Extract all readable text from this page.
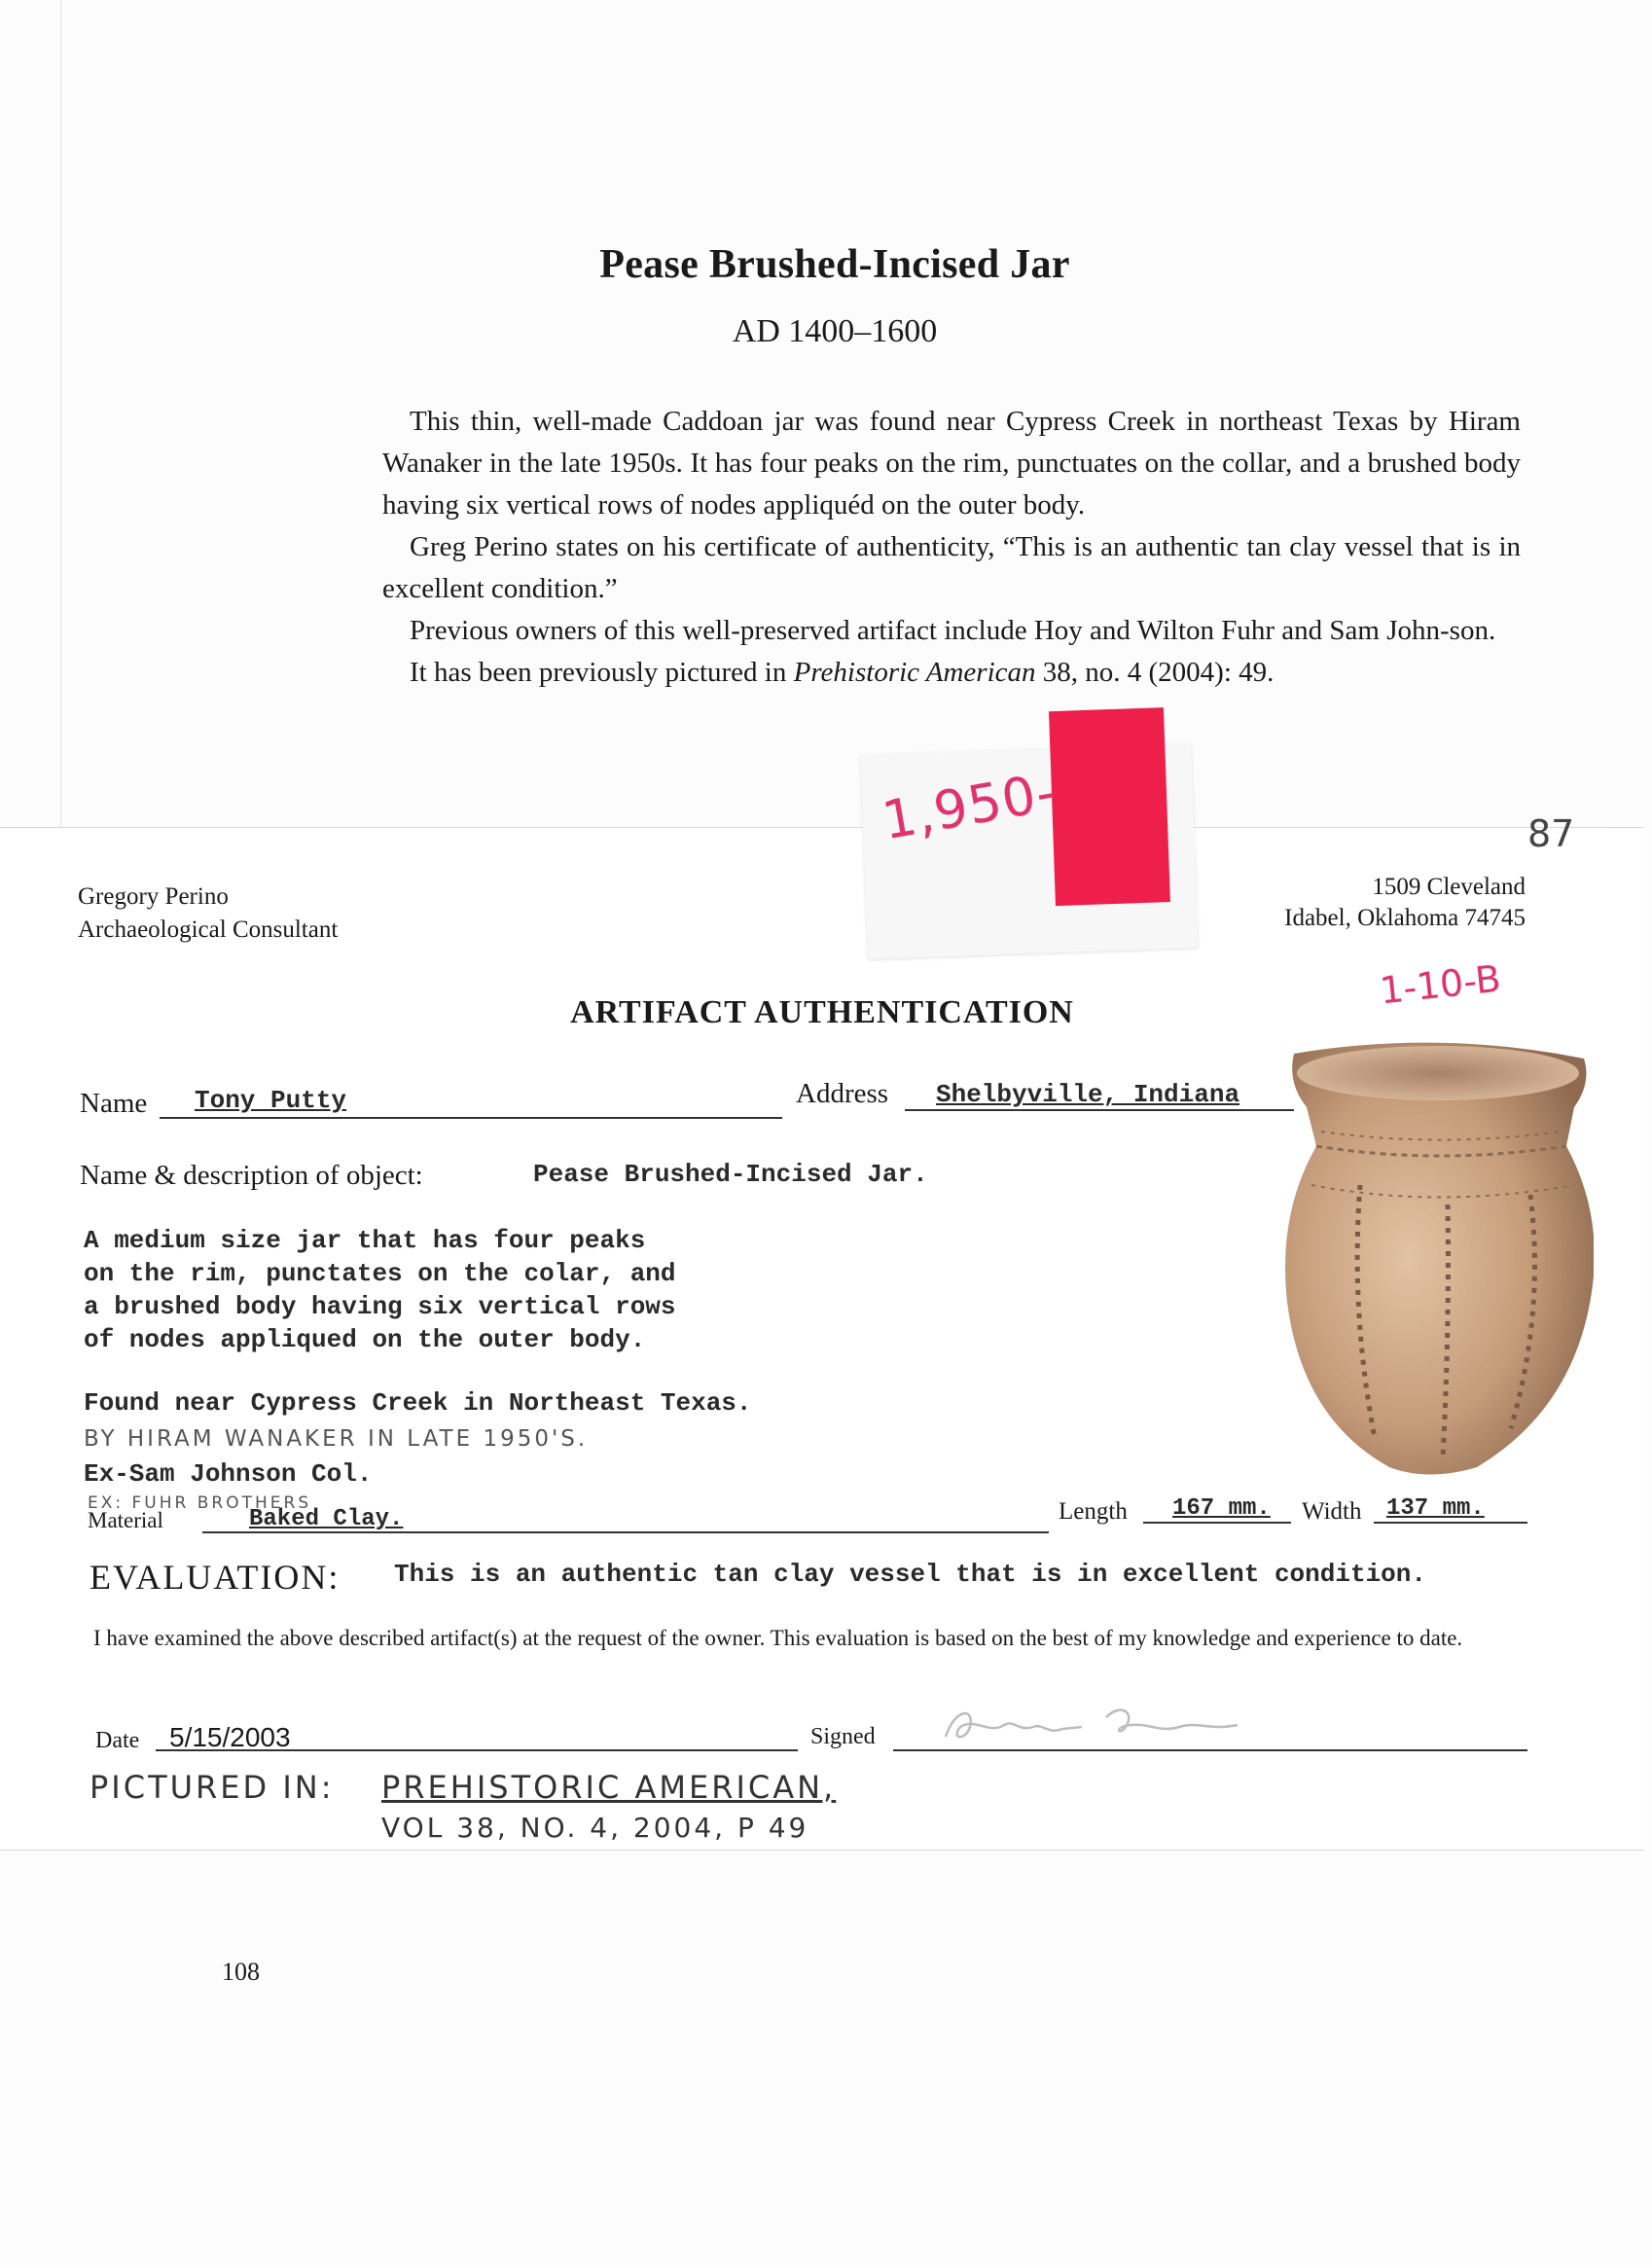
Pease Brushed-Incised Jar
AD 1400–1600

This thin, well-made Caddoan jar was found near Cypress Creek in northeast Texas by Hiram Wanaker in the late 1950s. It has four peaks on the rim, punctuates on the collar, and a brushed body having six vertical rows of nodes appliquéd on the outer body.

Greg Perino states on his certificate of authenticity, “This is an authentic tan clay vessel that is in excellent condition.”

Previous owners of this well-preserved artifact include Hoy and Wilton Fuhr and Sam John-son.

It has been previously pictured in Prehistoric American 38, no. 4 (2004): 49.

1,950-	87
Gregory Perino
Archaeological Consultant
1509 Cleveland
Idabel, Oklahoma 74745
1-10-B
ARTIFACT AUTHENTICATION
Name Tony Putty	Address Shelbyville, Indiana
Name & description of object:	Pease Brushed-Incised Jar.
A medium size jar that has four peaks
on the rim, punctates on the colar, and
a brushed body having six vertical rows
of nodes appliqued on the outer body.
Found near Cypress Creek in Northeast Texas.
BY HIRAM WANAKER IN LATE 1950'S.
Ex-Sam Johnson Col.
EX: FUHR BROTHERS
Material	Baked Clay.	Length 167 mm. Width 137 mm.
EVALUATION: This is an authentic tan clay vessel that is in excellent condition.
I have examined the above described artifact(s) at the request of the owner. This evaluation is based on the best of my knowledge and experience to date.
Date 5/15/2003	Signed
PICTURED IN: PREHISTORIC AMERICAN,
VOL 38, NO. 4, 2004, P 49
108
